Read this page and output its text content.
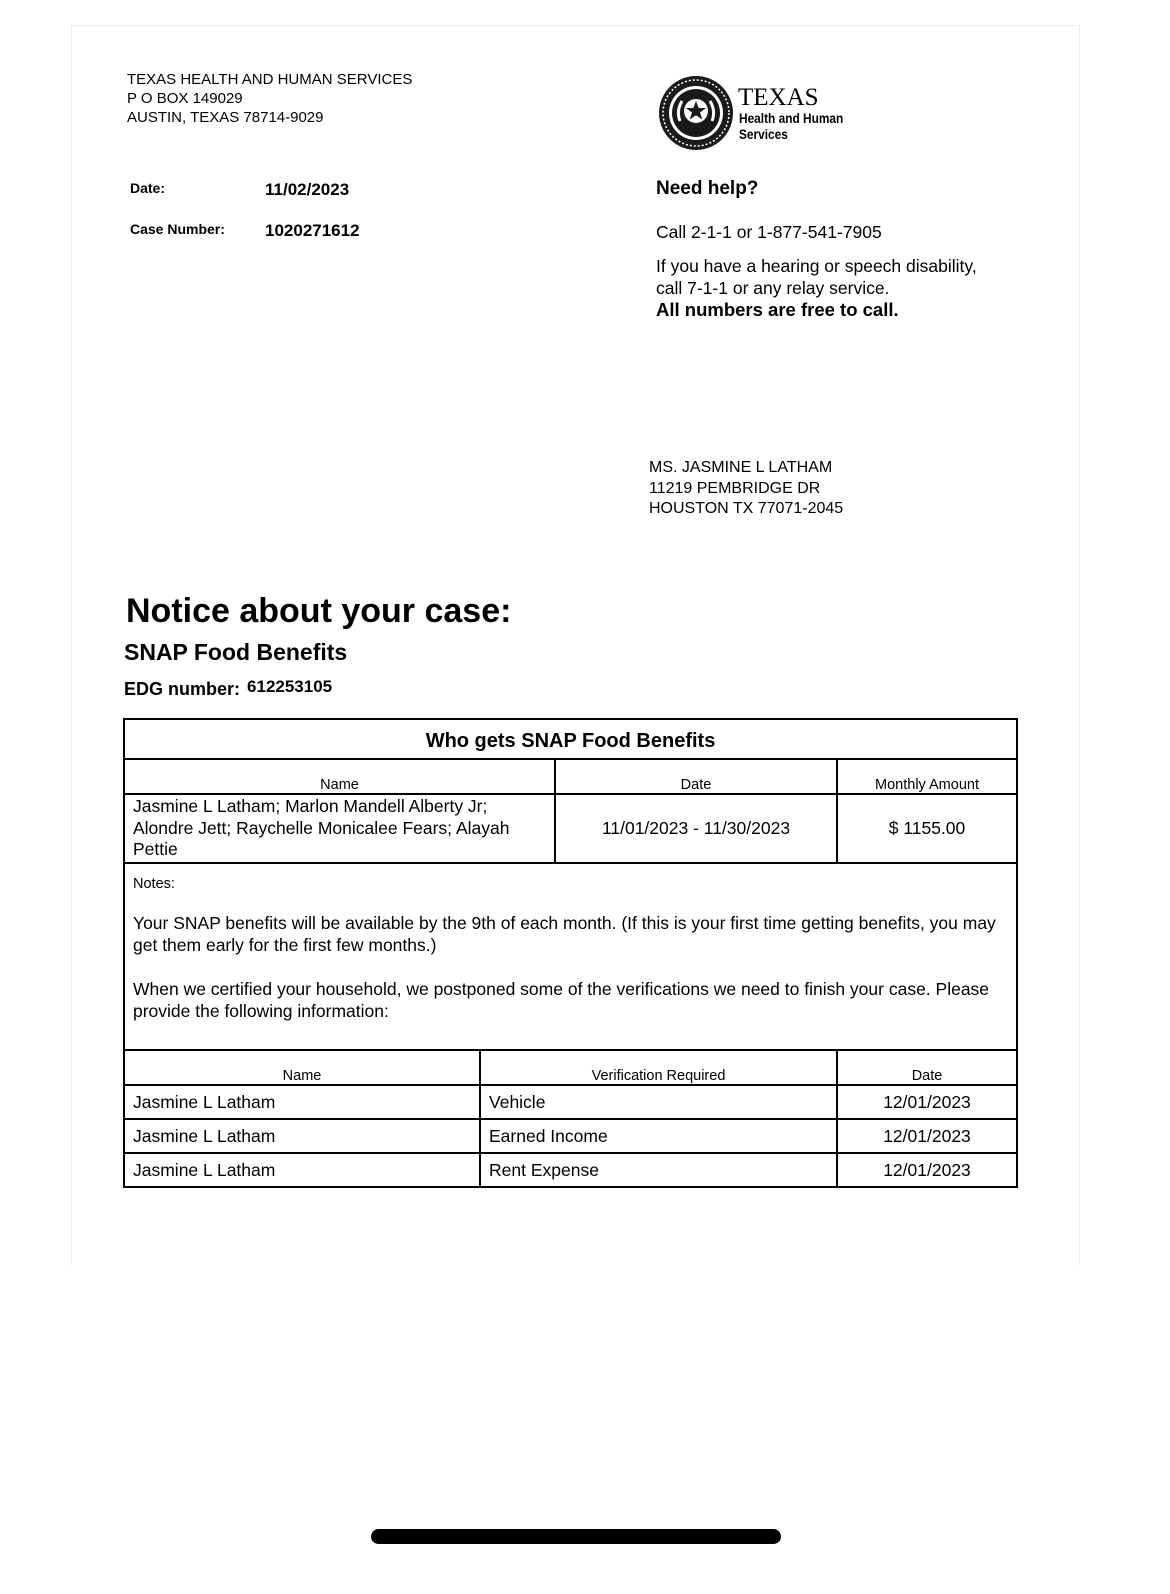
TEXAS HEALTH AND HUMAN SERVICES
P O BOX 149029
AUSTIN, TEXAS 78714-9029
TEXAS
Health and Human
Services
Date:	11/02/2023
Case Number: 1020271612
Need help?
Call 2-1-1 or 1-877-541-7905
If you have a hearing or speech disability,
call 7-1-1 or any relay service.
All numbers are free to call.
MS. JASMINE L LATHAM
11219 PEMBRIDGE DR
HOUSTON TX 77071-2045
Notice about your case:
SNAP Food Benefits
EDG number: 612253105
Who gets SNAP Food Benefits			
Name		Date	Monthly Amount

Jasmine L Latham; Marlon Mandell Alberty Jr;
Alondre Jett; Raychelle Monicalee Fears; Alayah
Pettie		11/01/2023 - 11/30/2023	$ 1155.00

Notes:

Your SNAP benefits will be available by the 9th of each month. (If this is your first time getting benefits, you may get them early for the first few months.)

When we certified your household, we postponed some of the verifications we need to finish your case. Please provide the following information:			

Name	Verification Required		Date
Jasmine L Latham	Vehicle		12/01/2023
Jasmine L Latham	Earned Income		12/01/2023
Jasmine L Latham	Rent Expense		12/01/2023
